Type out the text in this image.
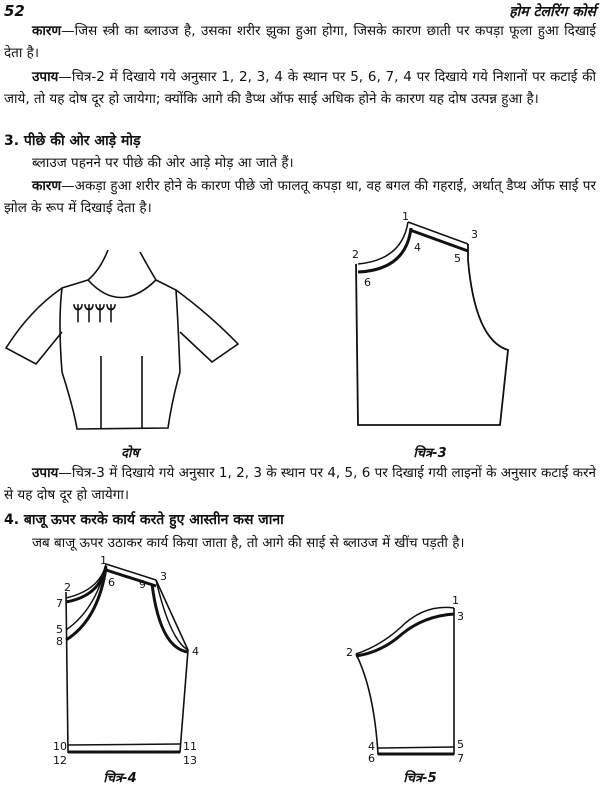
52	होम टेलरिंग कोर्स
कारण—जिस स्त्री का ब्लाउज है, उसका शरीर झुका हुआ होगा, जिसके कारण छाती पर कपड़ा फूला हुआ दिखाई देता है।
उपाय—चित्र-2 में दिखाये गये अनुसार 1, 2, 3, 4 के स्थान पर 5, 6, 7, 4 पर दिखाये गये निशानों पर कटाई की जाये, तो यह दोष दूर हो जायेगा; क्योंकि आगे की डैप्थ ऑफ साई अधिक होने के कारण यह दोष उत्पन्न हुआ है।
3. पीछे की ओर आड़े मोड़
ब्लाउज पहनने पर पीछे की ओर आड़े मोड़ आ जाते हैं।
कारण—अकड़ा हुआ शरीर होने के कारण पीछे जो फालतू कपड़ा था, वह बगल की गहराई, अर्थात् डैप्थ ऑफ साई पर झोल के रूप में दिखाई देता है।
ᛘᛘᛘᛘ
दोष
1
2
3
4
5
6
चित्र-3
उपाय—चित्र-3 में दिखाये गये अनुसार 1, 2, 3 के स्थान पर 4, 5, 6 पर दिखाई गयी लाइनों के अनुसार कटाई करने से यह दोष दूर हो जायेगा।
4. बाजू ऊपर करके कार्य करते हुए आस्तीन कस जाना
जब बाजू ऊपर उठाकर कार्य किया जाता है, तो आगे की साई से ब्लाउज में खींच पड़ती है।
1
2
3
4
5
6
7
8
9
10	11
12	13
चित्र-4
1
2
3
4	5
6	7
चित्र-5
